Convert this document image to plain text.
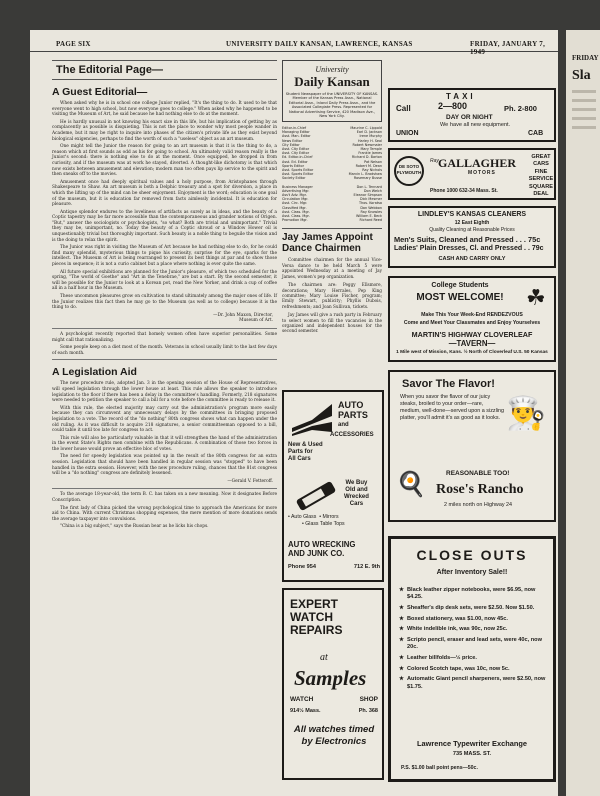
PAGE SIX	UNIVERSITY DAILY KANSAN, LAWRENCE, KANSAS	FRIDAY, JANUARY 7, 1949
The Editorial Page—
A Guest Editorial—

When asked why he is in school one college Junior replied, "It's the thing to do. It used to be that everyone went to high school, but now everyone goes to college." When asked why he happened to be visiting the Museum of Art, he said because he had nothing else to do at the moment.

He is hardly unusual in not knowing his exact size in this life, but his implication of getting by as complacently as possible is disquieting. This is not the place to wonder why most people wander in Academe, but it may be right to inquire into phases of the citizen's private life as they exist beyond biological exigencies, perhaps to find the worth of such a "useless" object as an art museum.

One might tell the Junior the reason for going to an art museum is that it is the thing to do, a reason which at first sounds as odd as his for going to school. An ultimately valid reason really is the Junior's second: there is nothing else to do at the moment. Once equipped, he dropped in from curiosity, and if the museum was at work he stayed, diverted. A thought-like dichotomy is that which now exists between amusement and elevation; modern man too often pays lip service to the spirit and then sneaks off to the movies.

Amusement once had deeply spiritual values and a holy purpose, from Aristophanes through Shakespeare to Shaw. An art museum is both a Delphic treasury and a spot for diversion, a place in which the lifting up of the mind can be sheer enjoyment. Enjoyment is the word; education is one goal of the museum, but it is education far removed from facts aimlessly incidental. It is education for pleasure.

Antique splendor endures to the loveliness of artifacts as surely as in ideas, and the beauty of a Coptic tapestry may be far more accessible than the contemporaneous and grander notions of Origen. "But," answer the sociologists or psychologists, "so what? Both are trivial and unimportant." Trivial they may be, unimportant, no. Today the beauty of a Coptic shroud or a Window Hower oil is unquestionably trivial but thoroughly important. Such beauty is a noble thing to beguile the vision and is the doing to relax the spirit.

The Junior was right in visiting the Museum of Art because he had nothing else to do, for he could find many splendid, mysterious things to pique his curiosity, surprise for the eye, sparks for the intellect. The Museum of Art is being rearranged to present its best things at par and to show those pieces in sequence; it is not a curio cabinet but a place where nothing is ever quite the same.

All future special exhibitions are planned for the Junior's pleasure, of which two scheduled for the spring, "The world of Goethe" and "Art in the Tenebrae," are but a start. By the second semester, it will be possible for the Junior to look at a Korean pot, read the New Yorker, and drink a cup of coffee all in a half hour in the Museum.

These uncommon pleasures grow on cultivation to stand ultimately among the major ones of life. If the Junior realizes this fact then he may go to the Museum (as well as to college) because it is the thing to do.

—Dr. John Maxon, Director,
Museum of Art.

A psychologist recently reported that homely women often have superior personalities. Some might call that rationalizing.

Some people keep on a diet most of the month. Veterans in school usually limit to the last few days of each month.

A Legislation Aid

The new procedure rule, adopted Jan. 3 in the opening session of the House of Representatives, will speed legislation through the lower house at least. This rule allows the speaker to introduce legislation to the floor if there has been a delay in the committee's handling. Formerly, 218 signatures were needed to petition the speaker to call a bill for a vote before the committee is ready to release it.

With this rule, the elected majority may carry out the administration's program more easily because they can circumvent any unnecessary delays by the committees in bringing proposed legislation to a vote. The record of the "do nothing" 80th congress shows what can happen under the old ruling. As it was difficult to acquire 218 signatures, a senior committeeman opposed to a bill, could table it until too late for congress to act.

This rule will also be particularly valuable in that it will strengthen the hand of the administration in the event State's Rights men combine with the Republicans. A combination of those two forces in the lower house would prove an effective bloc of votes.

The need for speedy legislation was pointed up in the result of the 80th congress for an extra session. Legislation that should have been handled in regular session was "stopped" to have been handled in the extra session. However, with the new procedure ruling, chances that the 81st congress will be a "do nothing" congress are definitely lessened.

—Gerald V. Fetteroff.

To the average 18-year-old, the term B. C. has taken on a new meaning. Now it designates Before Conscription.

The first lady of China picked the wrong psychological time to approach the Americans for more aid to China. With current Christmas shopping expenses, the mere mention of more donations sends the average taxpayer into convulsions.

"China is a big subject," says the Russian bear as he licks his chops.

University
Daily Kansan
Student Newspaper of the UNIVERSITY OF KANSAS. Member of the Kansas Press Assn., National Editorial Assn., Inland Daily Press Assn., and the Associated Collegiate Press. Represented for National Advertising Service, 420 Madison Ave., New York City.
Editor-in-Chief	Maurine C. Lippold
Managing Editor	Earl D. Jackson
Asst. Man. Editor	Irene Murphy
News Editor	Harley H. Seal
City Editor	Robert Newmaier
Asst. City Editor	Mary Temple
Asst. City Editor	Frankie James
Ed. Editor-in-Chief	Richard D. Barton
Asst. Ed. Editor	Pat Nelson
Sports Editor	Robert M. Dean
Asst. Sports Editor	Ray Nichols
Asst. Sports Editor	Marvin L. Bradshaw
Society Editor	Rosemary Busse
Business Manager	Don L. Tennant
Advertising Mgr.	Don Welch
Ass't Adv. Mgr.	Eleanor Simpson
Circulation Mgr.	Dick Mesmer
Asst. Circ. Mgr.	Thos. Koratsa
Classified Mgr.	Dan Webbon
Asst. Class. Mgr.	Ray Knowles
Asst. Class. Mgr.	William E. Beck
Promotion Mgr.	Richard Reed
Jay James Appoint Dance Chairmen

Committee chairmen for the annual Vice-Versa dance to be held March 5 were appointed Wednesday at a meeting of Jay James, women's pep organization.

The chairmen are: Peggy Ellsmore, decorations; Mary Herrales, Pep King committee; Mary Louise Fischer, program; Emily Stewart, publicity; Phyllis Dubois, refreshments; and Joan Sullivan, tickets.

Jay James will give a rush party in February to select women to fill the vacancies in the organized and independent houses for the second semester.

AUTO
PARTS
and
ACCESSORIES
New & Used
Parts for
All Cars
We Buy
Old and
Wrecked
Cars
• Auto Glass • Mirrors
• Glass Table Tops
AUTO WRECKING
AND JUNK CO.
Phone 954	712 E. 9th
EXPERT
WATCH
REPAIRS
at
Samples
WATCH	SHOP
914½ Mass.	Ph. 368
All watches timed
by Electronics
Call
TAXI
2—800	Ph. 2-800
DAY OR NIGHT
We have all new equipment.
UNION	CAB
DE SOTO
PLYMOUTH
Ray GALLAGHER
MOTORS
Phone 1000 632-34 Mass. St.
GREAT CARS
FINE SERVICE
SQUARE DEAL
LINDLEY'S KANSAS CLEANERS
12 East Eighth
Quality Cleaning at Reasonable Prices
Men's Suits, Cleaned and Pressed . . . 75c
Ladies' Plain Dresses, Cl. and Pressed . . 79c
CASH AND CARRY ONLY
College Students
MOST WELCOME!	☘
Make This Your Week-End RENDEZVOUS
Come and Meet Your Classmates and Enjoy Yourselves
MARTIN'S HIGHWAY CLOVERLEAF
—TAVERN—
1 Mile west of Mission, Kans. ½ North of Cloverleaf U.S. 50 Kansas
Savor The Flavor!
When you savor the flavor of our juicy steaks, broiled to your order—rare, medium, well-done—served upon a sizzling platter, you'll admit it's as good as it looks. 👨‍🍳
🍳	REASONABLE TOO!
Rose's Rancho
2 miles north on Highway 24
CLOSE OUTS
After Inventory Sale!!
★ Black leather zipper notebooks, were $6.95, now $4.25.
★ Sheaffer's dip desk sets, were $2.50. Now $1.50.
★ Boxed stationery, was $1.00, now 45c.
★ White indelible ink, was 90c, now 25c.
★ Scripto pencil, eraser and lead sets, were 40c, now 20c.
★ Leather billfolds—½ price.
★ Colored Scotch tape, was 10c, now 5c.
★ Automatic Giant pencil sharpeners, were $2.50, now $1.75.
Lawrence Typewriter Exchange
735 MASS. ST.
P.S. $1.00 ball point pens—50c.
FRIDAY
Sla
